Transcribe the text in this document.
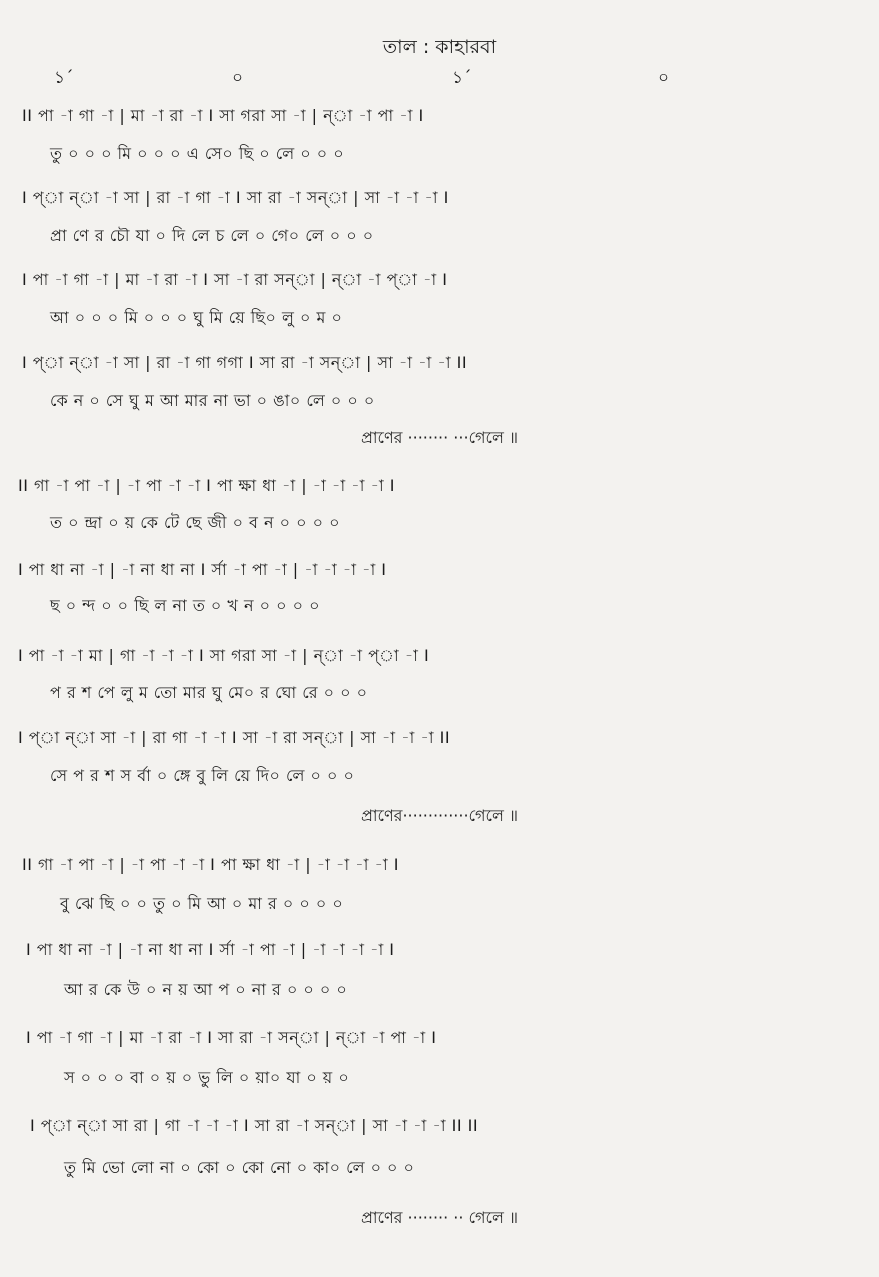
তাল : কাহারবা
১´	০	১´	০
II পা -া গা -া | মা -া রা -া I সা গরা সা -া | ন্া -া পা -া I
তু ০ ০ ০ মি ০ ০ ০ এ সে০ ছি ০ লে ০ ০ ০
I প্া ন্া -া সা | রা -া গা -া I সা রা -া সন্া | সা -া -া -া I
প্রা ণে র চৌ যা ০ দি লে চ লে ০ গে০ লে ০ ০ ০
I পা -া গা -া | মা -া রা -া I সা -া রা সন্া | ন্া -া প্া -া I
আ ০ ০ ০ মি ০ ০ ০ ঘু মি য়ে ছি০ লু ০ ম ০
I প্া ন্া -া সা | রা -া গা গগা I সা রা -া সন্া | সা -া -া -া II
কে ন ০ সে ঘু ম আ মার না ভা ০ ঙা০ লে ০ ০ ০
প্রাণের ········ ···গেলে ॥
II গা -া পা -া | -া পা -া -া I পা ক্ষা ধা -া | -া -া -া -া I
ত ০ ন্দ্রা ০ য় কে টে ছে জী ০ ব ন ০ ০ ০ ০
I পা ধা না -া | -া না ধা না I র্সা -া পা -া | -া -া -া -া I
ছ ০ ন্দ ০ ০ ছি ল না ত ০ খ ন ০ ০ ০ ০
I পা -া -া মা | গা -া -া -া I সা গরা সা -া | ন্া -া প্া -া I
প র শ পে লু ম তো মার ঘু মে০ র ঘো রে ০ ০ ০
I প্া ন্া সা -া | রা গা -া -া I সা -া রা সন্া | সা -া -া -া II
সে প র শ স র্বা ০ ঙ্গে বু লি য়ে দি০ লে ০ ০ ০
প্রাণের·············গেলে ॥
II গা -া পা -া | -া পা -া -া I পা ক্ষা ধা -া | -া -া -া -া I
বু ঝে ছি ০ ০ তু ০ মি আ ০ মা র ০ ০ ০ ০
I পা ধা না -া | -া না ধা না I র্সা -া পা -া | -া -া -া -া I
আ র কে উ ০ ন য় আ প ০ না র ০ ০ ০ ০
I পা -া গা -া | মা -া রা -া I সা রা -া সন্া | ন্া -া পা -া I
স ০ ০ ০ বা ০ য় ০ ভু লি ০ য়া০ যা ০ য় ০
I প্া ন্া সা রা | গা -া -া -া I সা রা -া সন্া | সা -া -া -া II II
তু মি ভো লো না ০ কো ০ কো নো ০ কা০ লে ০ ০ ০
প্রাণের ········ ·· গেলে ॥
